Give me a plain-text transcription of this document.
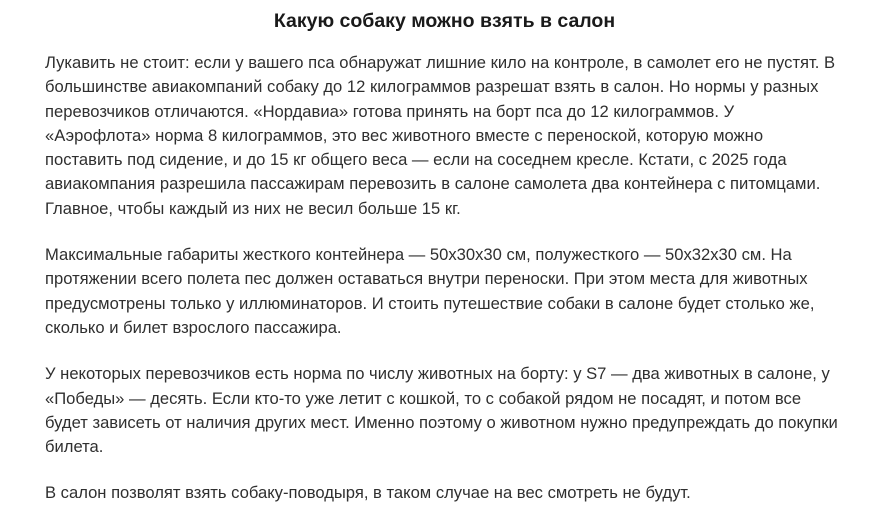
Какую собаку можно взять в салон

Лукавить не стоит: если у вашего пса обнаружат лишние кило на контроле, в самолет его не пустят. В большинстве авиакомпаний собаку до 12 килограммов разрешат взять в салон. Но нормы у разных перевозчиков отличаются. «Нордавиа» готова принять на борт пса до 12 килограммов. У «Аэрофлота» норма 8 килограммов, это вес животного вместе с переноской, которую можно поставить под сидение, и до 15 кг общего веса — если на соседнем кресле. Кстати, с 2025 года авиакомпания разрешила пассажирам перевозить в салоне самолета два контейнера с питомцами. Главное, чтобы каждый из них не весил больше 15 кг.

Максимальные габариты жесткого контейнера — 50х30х30 см, полужесткого — 50х32х30 см. На протяжении всего полета пес должен оставаться внутри переноски. При этом места для животных предусмотрены только у иллюминаторов. И стоить путешествие собаки в салоне будет столько же, сколько и билет взрослого пассажира.

У некоторых перевозчиков есть норма по числу животных на борту: у S7 — два животных в салоне, у «Победы» — десять. Если кто-то уже летит с кошкой, то с собакой рядом не посадят, и потом все будет зависеть от наличия других мест. Именно поэтому о животном нужно предупреждать до покупки билета.

В салон позволят взять собаку-поводыря, в таком случае на вес смотреть не будут.
